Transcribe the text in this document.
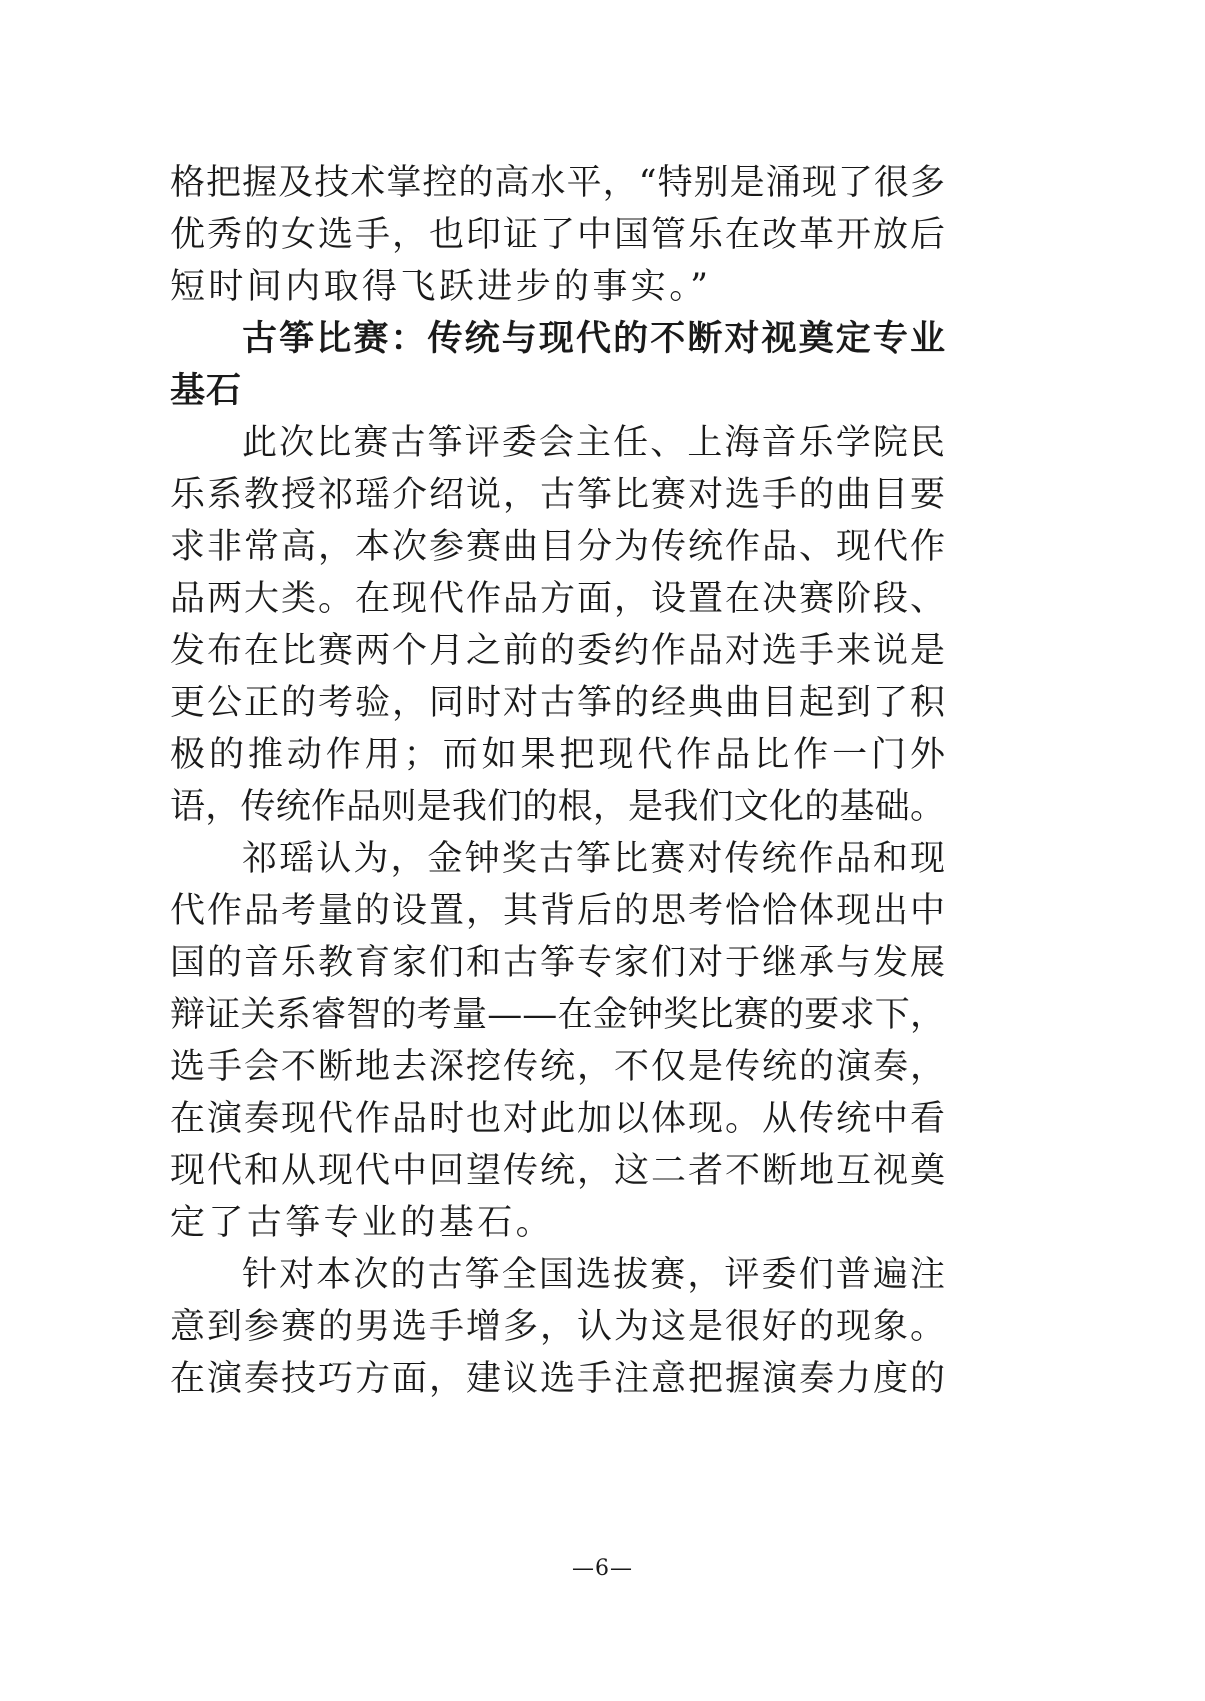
格把握及技术掌控的高水平，“特别是涌现了很多
优秀的女选手，也印证了中国管乐在改革开放后
短时间内取得飞跃进步的事实。”
古筝比赛：传统与现代的不断对视奠定专业
基石
此次比赛古筝评委会主任、上海音乐学院民
乐系教授祁瑶介绍说，古筝比赛对选手的曲目要
求非常高，本次参赛曲目分为传统作品、现代作
品两大类。在现代作品方面，设置在决赛阶段、
发布在比赛两个月之前的委约作品对选手来说是
更公正的考验，同时对古筝的经典曲目起到了积
极的推动作用；而如果把现代作品比作一门外
语，传统作品则是我们的根，是我们文化的基础。
祁瑶认为，金钟奖古筝比赛对传统作品和现
代作品考量的设置，其背后的思考恰恰体现出中
国的音乐教育家们和古筝专家们对于继承与发展
辩证关系睿智的考量——在金钟奖比赛的要求下，
选手会不断地去深挖传统，不仅是传统的演奏，
在演奏现代作品时也对此加以体现。从传统中看
现代和从现代中回望传统，这二者不断地互视奠
定了古筝专业的基石。
针对本次的古筝全国选拔赛，评委们普遍注
意到参赛的男选手增多，认为这是很好的现象。
在演奏技巧方面，建议选手注意把握演奏力度的
—6—
